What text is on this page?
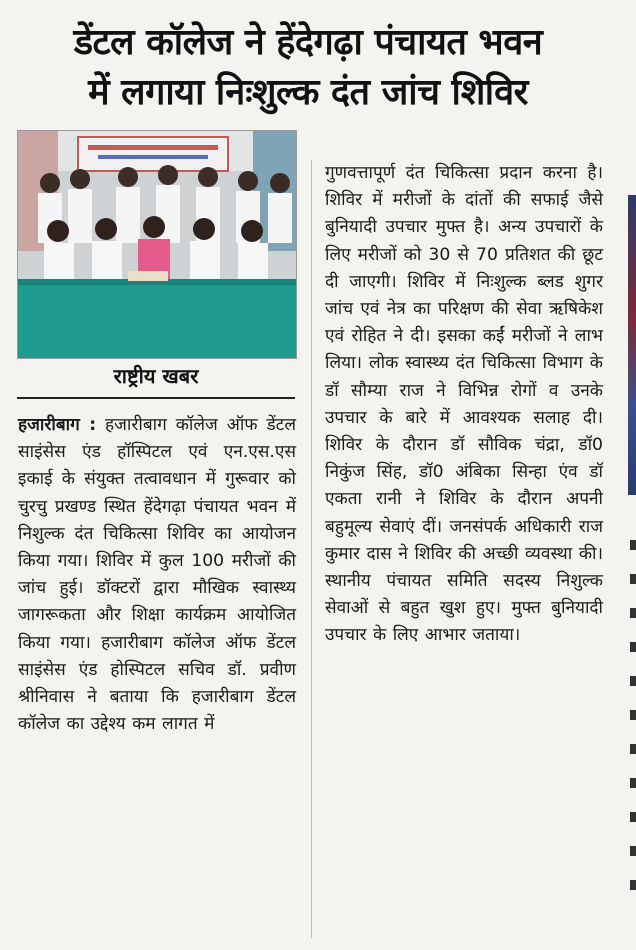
डेंटल कॉलेज ने हेंदेगढ़ा पंचायत भवन
में लगाया निःशुल्क दंत जांच शिविर
राष्ट्रीय खबर
हजारीबाग : हजारीबाग कॉलेज ऑफ डेंटल साइंसेस एंड हॉस्पिटल एवं एन.एस.एस इकाई के संयुक्त तत्वावधान में गुरूवार को चुरचु प्रखण्ड स्थित हेंदेगढ़ा पंचायत भवन में निशुल्क दंत चिकित्सा शिविर का आयोजन किया गया। शिविर में कुल 100 मरीजों की जांच हुई। डॉक्टरों द्वारा मौखिक स्वास्थ्य जागरूकता और शिक्षा कार्यक्रम आयोजित किया गया। हजारीबाग कॉलेज ऑफ डेंटल साइंसेस एंड होस्पिटल सचिव डॉ. प्रवीण श्रीनिवास ने बताया कि हजारीबाग डेंटल कॉलेज का उद्देश्य कम लागत में
गुणवत्तापूर्ण दंत चिकित्सा प्रदान करना है। शिविर में मरीजों के दांतों की सफाई जैसे बुनियादी उपचार मुफ्त है। अन्य उपचारों के लिए मरीजों को 30 से 70 प्रतिशत की छूट दी जाएगी। शिविर में निःशुल्क ब्लड शुगर जांच एवं नेत्र का परिक्षण की सेवा ऋषिकेश एवं रोहित ने दी। इसका कईं मरीजों ने लाभ लिया। लोक स्वास्थ्य दंत चिकित्सा विभाग के डॉ सौम्या राज ने विभिन्न रोगों व उनके उपचार के बारे में आवश्यक सलाह दी। शिविर के दौरान डॉ सौविक चंद्रा, डॉ0 निकुंज सिंह, डॉ0 अंबिका सिन्हा एंव डॉ एकता रानी ने शिविर के दौरान अपनी बहुमूल्य सेवाएं दीं। जनसंपर्क अधिकारी राज कुमार दास ने शिविर की अच्छी व्यवस्था की। स्थानीय पंचायत समिति सदस्य निशुल्क सेवाओं से बहुत खुश हुए। मुफ्त बुनियादी उपचार के लिए आभार जताया।
